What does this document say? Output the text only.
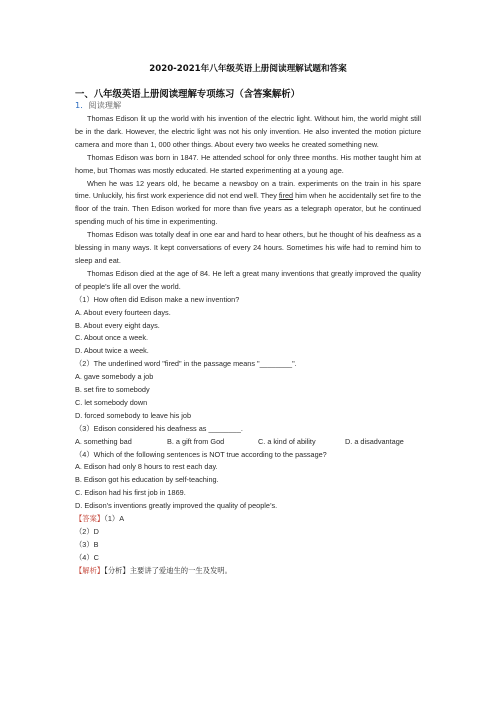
2020-2021年八年级英语上册阅读理解试题和答案
一、八年级英语上册阅读理解专项练习（含答案解析）
1．阅读理解

Thomas Edison lit up the world with his invention of the electric light. Without him, the world might still be in the dark. However, the electric light was not his only invention. He also invented the motion picture camera and more than 1, 000 other things. About every two weeks he created something new.

Thomas Edison was born in 1847. He attended school for only three months. His mother taught him at home, but Thomas was mostly educated. He started experimenting at a young age.

When he was 12 years old, he became a newsboy on a train. experiments on the train in his spare time. Unluckily, his first work experience did not end well. They fired him when he accidentally set fire to the floor of the train. Then Edison worked for more than five years as a telegraph operator, but he continued spending much of his time in experimenting.

Thomas Edison was totally deaf in one ear and hard to hear others, but he thought of his deafness as a blessing in many ways. It kept conversations of every 24 hours. Sometimes his wife had to remind him to sleep and eat.

Thomas Edison died at the age of 84. He left a great many inventions that greatly improved the quality of people’s life all over the world.

（1）How often did Edison make a new invention?

A. About every fourteen days.

B. About every eight days.

C. About once a week.

D. About twice a week.

（2）The underlined word "fired" in the passage means "________".

A. gave somebody a job

B. set fire to somebody

C. let somebody down

D. forced somebody to leave his job

（3）Edison considered his deafness as ________.

A. something bad	B. a gift from God	C. a kind of ability	D. a disadvantage

（4）Which of the following sentences is NOT true according to the passage?

A. Edison had only 8 hours to rest each day.

B. Edison got his education by self-teaching.

C. Edison had his first job in 1869.

D. Edison’s inventions greatly improved the quality of people’s.

【答案】（1）A

（2）D

（3）B

（4）C

【解析】【分析】主要讲了爱迪生的一生及发明。
